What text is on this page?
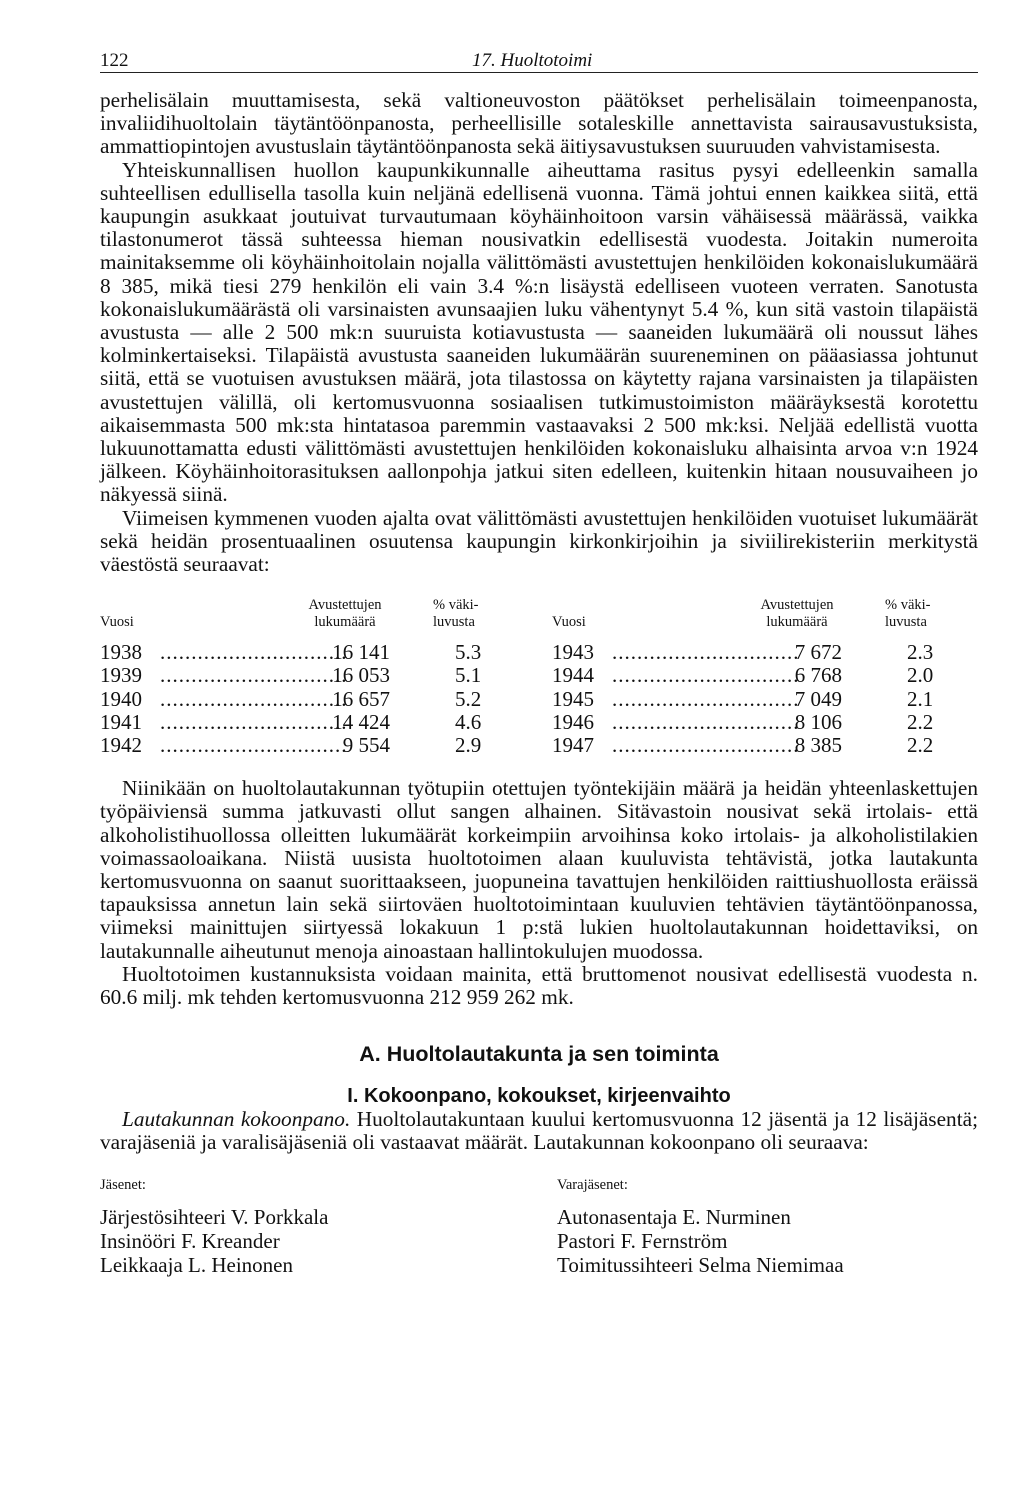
122	17. Huoltotoimi

perhelisälain muuttamisesta, sekä valtioneuvoston päätökset perhelisälain toimeenpanosta, invaliidihuoltolain täytäntöönpanosta, perheellisille sotaleskille annettavista sairausavustuksista, ammattiopintojen avustuslain täytäntöönpanosta sekä äitiysavustuksen suuruuden vahvistamisesta.

Yhteiskunnallisen huollon kaupunkikunnalle aiheuttama rasitus pysyi edelleenkin samalla suhteellisen edullisella tasolla kuin neljänä edellisenä vuonna. Tämä johtui ennen kaikkea siitä, että kaupungin asukkaat joutuivat turvautumaan köyhäinhoitoon varsin vähäisessä määrässä, vaikka tilastonumerot tässä suhteessa hieman nousivatkin edellisestä vuodesta. Joitakin numeroita mainitaksemme oli köyhäinhoitolain nojalla välittömästi avustettujen henkilöiden kokonaislukumäärä 8 385, mikä tiesi 279 henkilön eli vain 3.4 %:n lisäystä edelliseen vuoteen verraten. Sanotusta kokonaislukumäärästä oli varsinaisten avunsaajien luku vähentynyt 5.4 %, kun sitä vastoin tilapäistä avustusta — alle 2 500 mk:n suuruista kotiavustusta — saaneiden lukumäärä oli noussut lähes kolminkertaiseksi. Tilapäistä avustusta saaneiden lukumäärän suureneminen on pääasiassa johtunut siitä, että se vuotuisen avustuksen määrä, jota tilastossa on käytetty rajana varsinaisten ja tilapäisten avustettujen välillä, oli kertomusvuonna sosiaalisen tutkimustoimiston määräyksestä korotettu aikaisemmasta 500 mk:sta hintatasoa paremmin vastaavaksi 2 500 mk:ksi. Neljää edellistä vuotta lukuunottamatta edusti välittömästi avustettujen henkilöiden kokonaisluku alhaisinta arvoa v:n 1924 jälkeen. Köyhäinhoitorasituksen aallonpohja jatkui siten edelleen, kuitenkin hitaan nousuvaiheen jo näkyessä siinä.

Viimeisen kymmenen vuoden ajalta ovat välittömästi avustettujen henkilöiden vuotuiset lukumäärät sekä heidän prosentuaalinen osuutensa kaupungin kirkonkirjoihin ja siviilirekisteriin merkitystä väestöstä seuraavat:

Vuosi
Avustettujen
lukumäärä
% väki-
luvusta
1938 ..............................
16 141	5.3
1939 ..............................
16 053	5.1
1940 ..............................
16 657	5.2
1941 ..............................
14 424	4.6
1942 ..............................
9 554	2.9
Vuosi
Avustettujen
lukumäärä
% väki-
luvusta
1943 ..............................
7 672	2.3
1944 ..............................
6 768	2.0
1945 ..............................
7 049	2.1
1946 ..............................
8 106	2.2
1947 ..............................
8 385	2.2

Niinikään on huoltolautakunnan työtupiin otettujen työntekijäin määrä ja heidän yhteenlaskettujen työpäiviensä summa jatkuvasti ollut sangen alhainen. Sitävastoin nousivat sekä irtolais- että alkoholistihuollossa olleitten lukumäärät korkeimpiin arvoihinsa koko irtolais- ja alkoholistilakien voimassaoloaikana. Niistä uusista huoltotoimen alaan kuuluvista tehtävistä, jotka lautakunta kertomusvuonna on saanut suorittaakseen, juopuneina tavattujen henkilöiden raittiushuollosta eräissä tapauksissa annetun lain sekä siirtoväen huoltotoimintaan kuuluvien tehtävien täytäntöönpanossa, viimeksi mainittujen siirtyessä lokakuun 1 p:stä lukien huoltolautakunnan hoidettaviksi, on lautakunnalle aiheutunut menoja ainoastaan hallintokulujen muodossa.

Huoltotoimen kustannuksista voidaan mainita, että bruttomenot nousivat edellisestä vuodesta n. 60.6 milj. mk tehden kertomusvuonna 212 959 262 mk.

A. Huoltolautakunta ja sen toiminta
I. Kokoonpano, kokoukset, kirjeenvaihto

Lautakunnan kokoonpano. Huoltolautakuntaan kuului kertomusvuonna 12 jäsentä ja 12 lisäjäsentä; varajäseniä ja varalisäjäseniä oli vastaavat määrät. Lautakunnan kokoonpano oli seuraava:

Jäsenet:
Järjestösihteeri V. Porkkala
Insinööri F. Kreander
Leikkaaja L. Heinonen
Varajäsenet:
Autonasentaja E. Nurminen
Pastori F. Fernström
Toimitussihteeri Selma Niemimaa
